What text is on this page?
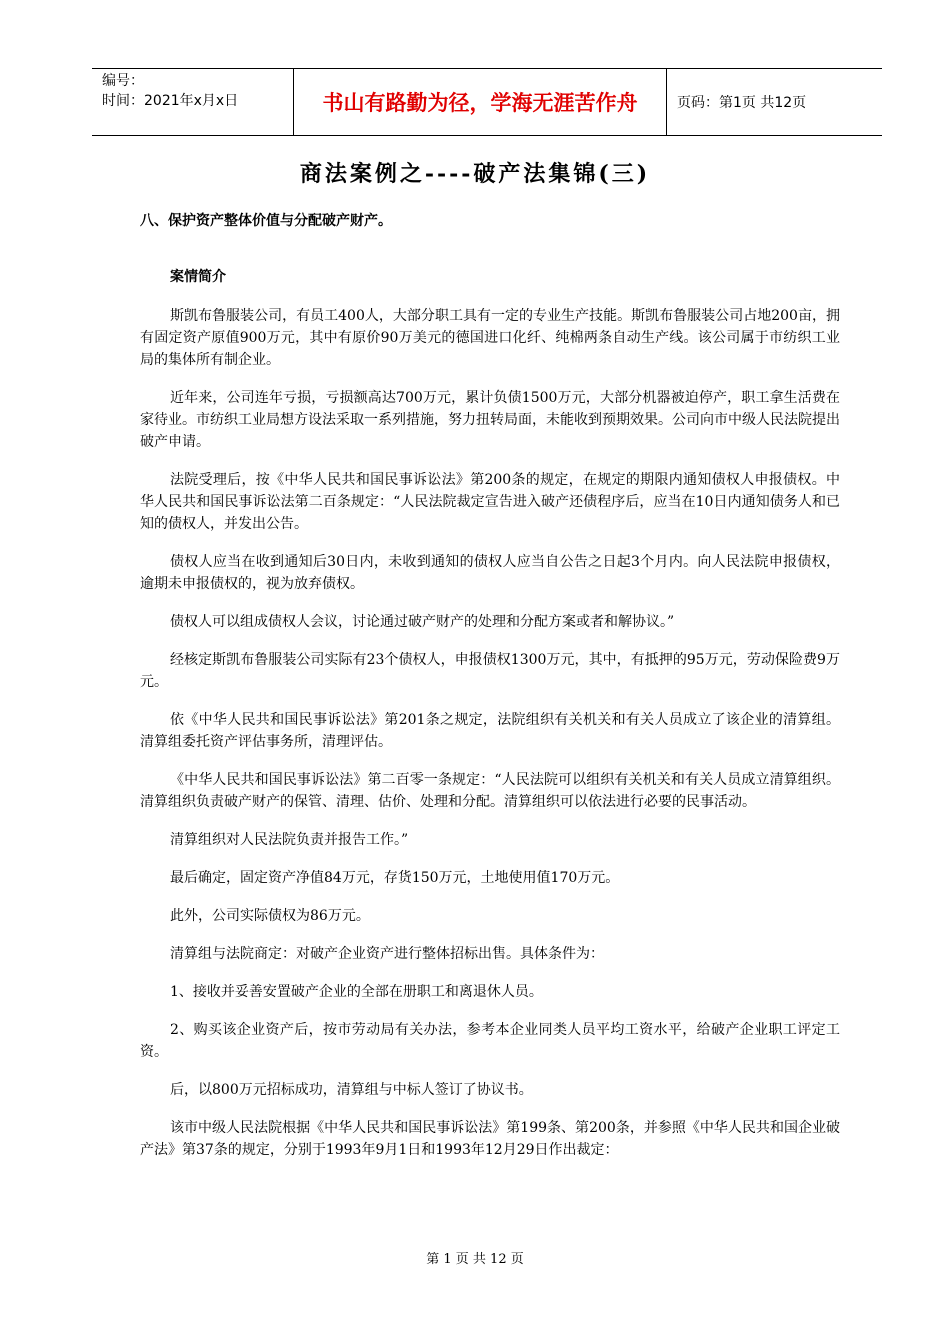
编号：
时间：2021年x月x日	书山有路勤为径，学海无涯苦作舟	页码：第1页 共12页
商法案例之----破产法集锦(三)

八、保护资产整体价值与分配破产财产。

案情简介

斯凯布鲁服装公司，有员工400人，大部分职工具有一定的专业生产技能。斯凯布鲁服装公司占地200亩，拥有固定资产原值900万元，其中有原价90万美元的德国进口化纤、纯棉两条自动生产线。该公司属于市纺织工业局的集体所有制企业。

近年来，公司连年亏损，亏损额高达700万元，累计负债1500万元，大部分机器被迫停产，职工拿生活费在家待业。市纺织工业局想方设法采取一系列措施，努力扭转局面，未能收到预期效果。公司向市中级人民法院提出破产申请。

法院受理后，按《中华人民共和国民事诉讼法》第200条的规定，在规定的期限内通知债权人申报债权。中华人民共和国民事诉讼法第二百条规定：“人民法院裁定宣告进入破产还债程序后，应当在10日内通知债务人和已知的债权人，并发出公告。

债权人应当在收到通知后30日内，未收到通知的债权人应当自公告之日起3个月内。向人民法院申报债权，逾期未申报债权的，视为放弃债权。

债权人可以组成债权人会议，讨论通过破产财产的处理和分配方案或者和解协议。”

经核定斯凯布鲁服装公司实际有23个债权人，申报债权1300万元，其中，有抵押的95万元，劳动保险费9万元。

依《中华人民共和国民事诉讼法》第201条之规定，法院组织有关机关和有关人员成立了该企业的清算组。清算组委托资产评估事务所，清理评估。

《中华人民共和国民事诉讼法》第二百零一条规定：“人民法院可以组织有关机关和有关人员成立清算组织。清算组织负责破产财产的保管、清理、估价、处理和分配。清算组织可以依法进行必要的民事活动。

清算组织对人民法院负责并报告工作。”

最后确定，固定资产净值84万元，存货150万元，土地使用值170万元。

此外，公司实际债权为86万元。

清算组与法院商定：对破产企业资产进行整体招标出售。具体条件为：

1、接收并妥善安置破产企业的全部在册职工和离退休人员。

2、购买该企业资产后，按市劳动局有关办法，参考本企业同类人员平均工资水平，给破产企业职工评定工资。

后，以800万元招标成功，清算组与中标人签订了协议书。

该市中级人民法院根据《中华人民共和国民事诉讼法》第199条、第200条，并参照《中华人民共和国企业破产法》第37条的规定，分别于1993年9月1日和1993年12月29日作出裁定：

第 1 页 共 12 页
